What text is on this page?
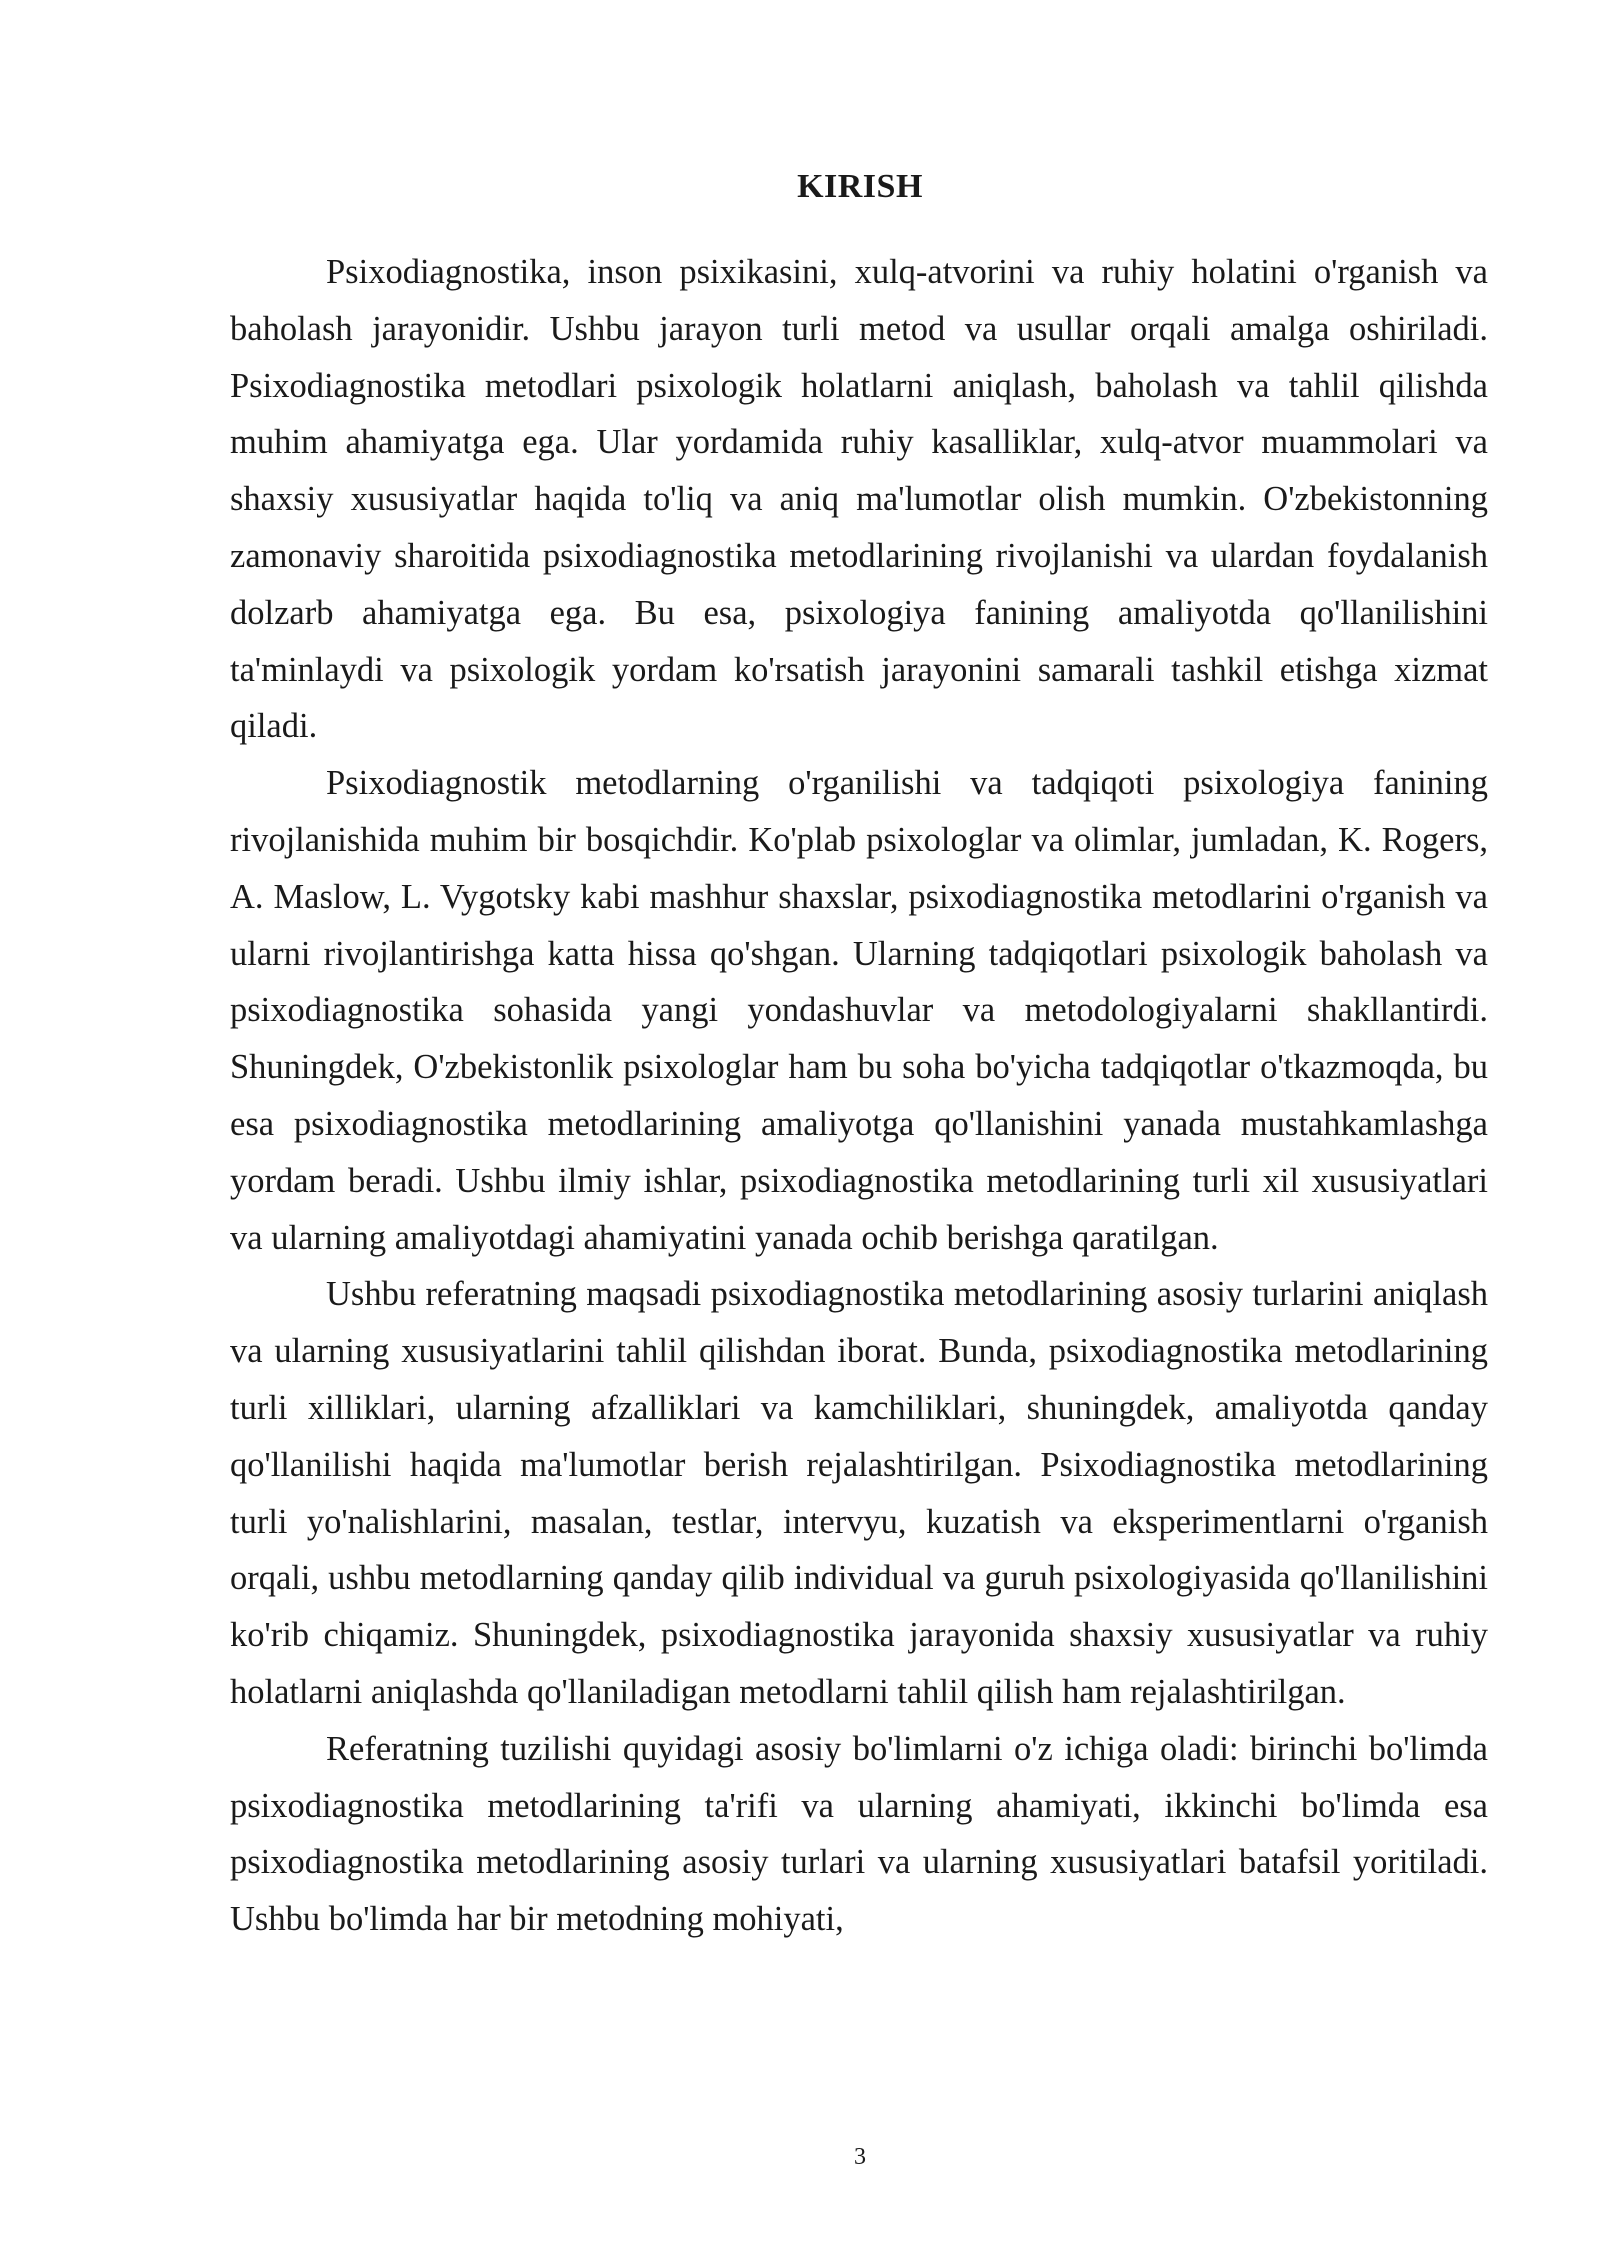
KIRISH

Psixodiagnostika, inson psixikasini, xulq-atvorini va ruhiy holatini o'rganish va baholash jarayonidir. Ushbu jarayon turli metod va usullar orqali amalga oshiriladi. Psixodiagnostika metodlari psixologik holatlarni aniqlash, baholash va tahlil qilishda muhim ahamiyatga ega. Ular yordamida ruhiy kasalliklar, xulq-atvor muammolari va shaxsiy xususiyatlar haqida to'liq va aniq ma'lumotlar olish mumkin. O'zbekistonning zamonaviy sharoitida psixodiagnostika metodlarining rivojlanishi va ulardan foydalanish dolzarb ahamiyatga ega. Bu esa, psixologiya fanining amaliyotda qo'llanilishini ta'minlaydi va psixologik yordam ko'rsatish jarayonini samarali tashkil etishga xizmat qiladi.

Psixodiagnostik metodlarning o'rganilishi va tadqiqoti psixologiya fanining rivojlanishida muhim bir bosqichdir. Ko'plab psixologlar va olimlar, jumladan, K. Rogers, A. Maslow, L. Vygotsky kabi mashhur shaxslar, psixodiagnostika metodlarini o'rganish va ularni rivojlantirishga katta hissa qo'shgan. Ularning tadqiqotlari psixologik baholash va psixodiagnostika sohasida yangi yondashuvlar va metodologiyalarni shakllantirdi. Shuningdek, O'zbekistonlik psixologlar ham bu soha bo'yicha tadqiqotlar o'tkazmoqda, bu esa psixodiagnostika metodlarining amaliyotga qo'llanishini yanada mustahkamlashga yordam beradi. Ushbu ilmiy ishlar, psixodiagnostika metodlarining turli xil xususiyatlari va ularning amaliyotdagi ahamiyatini yanada ochib berishga qaratilgan.

Ushbu referatning maqsadi psixodiagnostika metodlarining asosiy turlarini aniqlash va ularning xususiyatlarini tahlil qilishdan iborat. Bunda, psixodiagnostika metodlarining turli xilliklari, ularning afzalliklari va kamchiliklari, shuningdek, amaliyotda qanday qo'llanilishi haqida ma'lumotlar berish rejalashtirilgan. Psixodiagnostika metodlarining turli yo'nalishlarini, masalan, testlar, intervyu, kuzatish va eksperimentlarni o'rganish orqali, ushbu metodlarning qanday qilib individual va guruh psixologiyasida qo'llanilishini ko'rib chiqamiz. Shuningdek, psixodiagnostika jarayonida shaxsiy xususiyatlar va ruhiy holatlarni aniqlashda qo'llaniladigan metodlarni tahlil qilish ham rejalashtirilgan.

Referatning tuzilishi quyidagi asosiy bo'limlarni o'z ichiga oladi: birinchi bo'limda psixodiagnostika metodlarining ta'rifi va ularning ahamiyati, ikkinchi bo'limda esa psixodiagnostika metodlarining asosiy turlari va ularning xususiyatlari batafsil yoritiladi. Ushbu bo'limda har bir metodning mohiyati,

3
